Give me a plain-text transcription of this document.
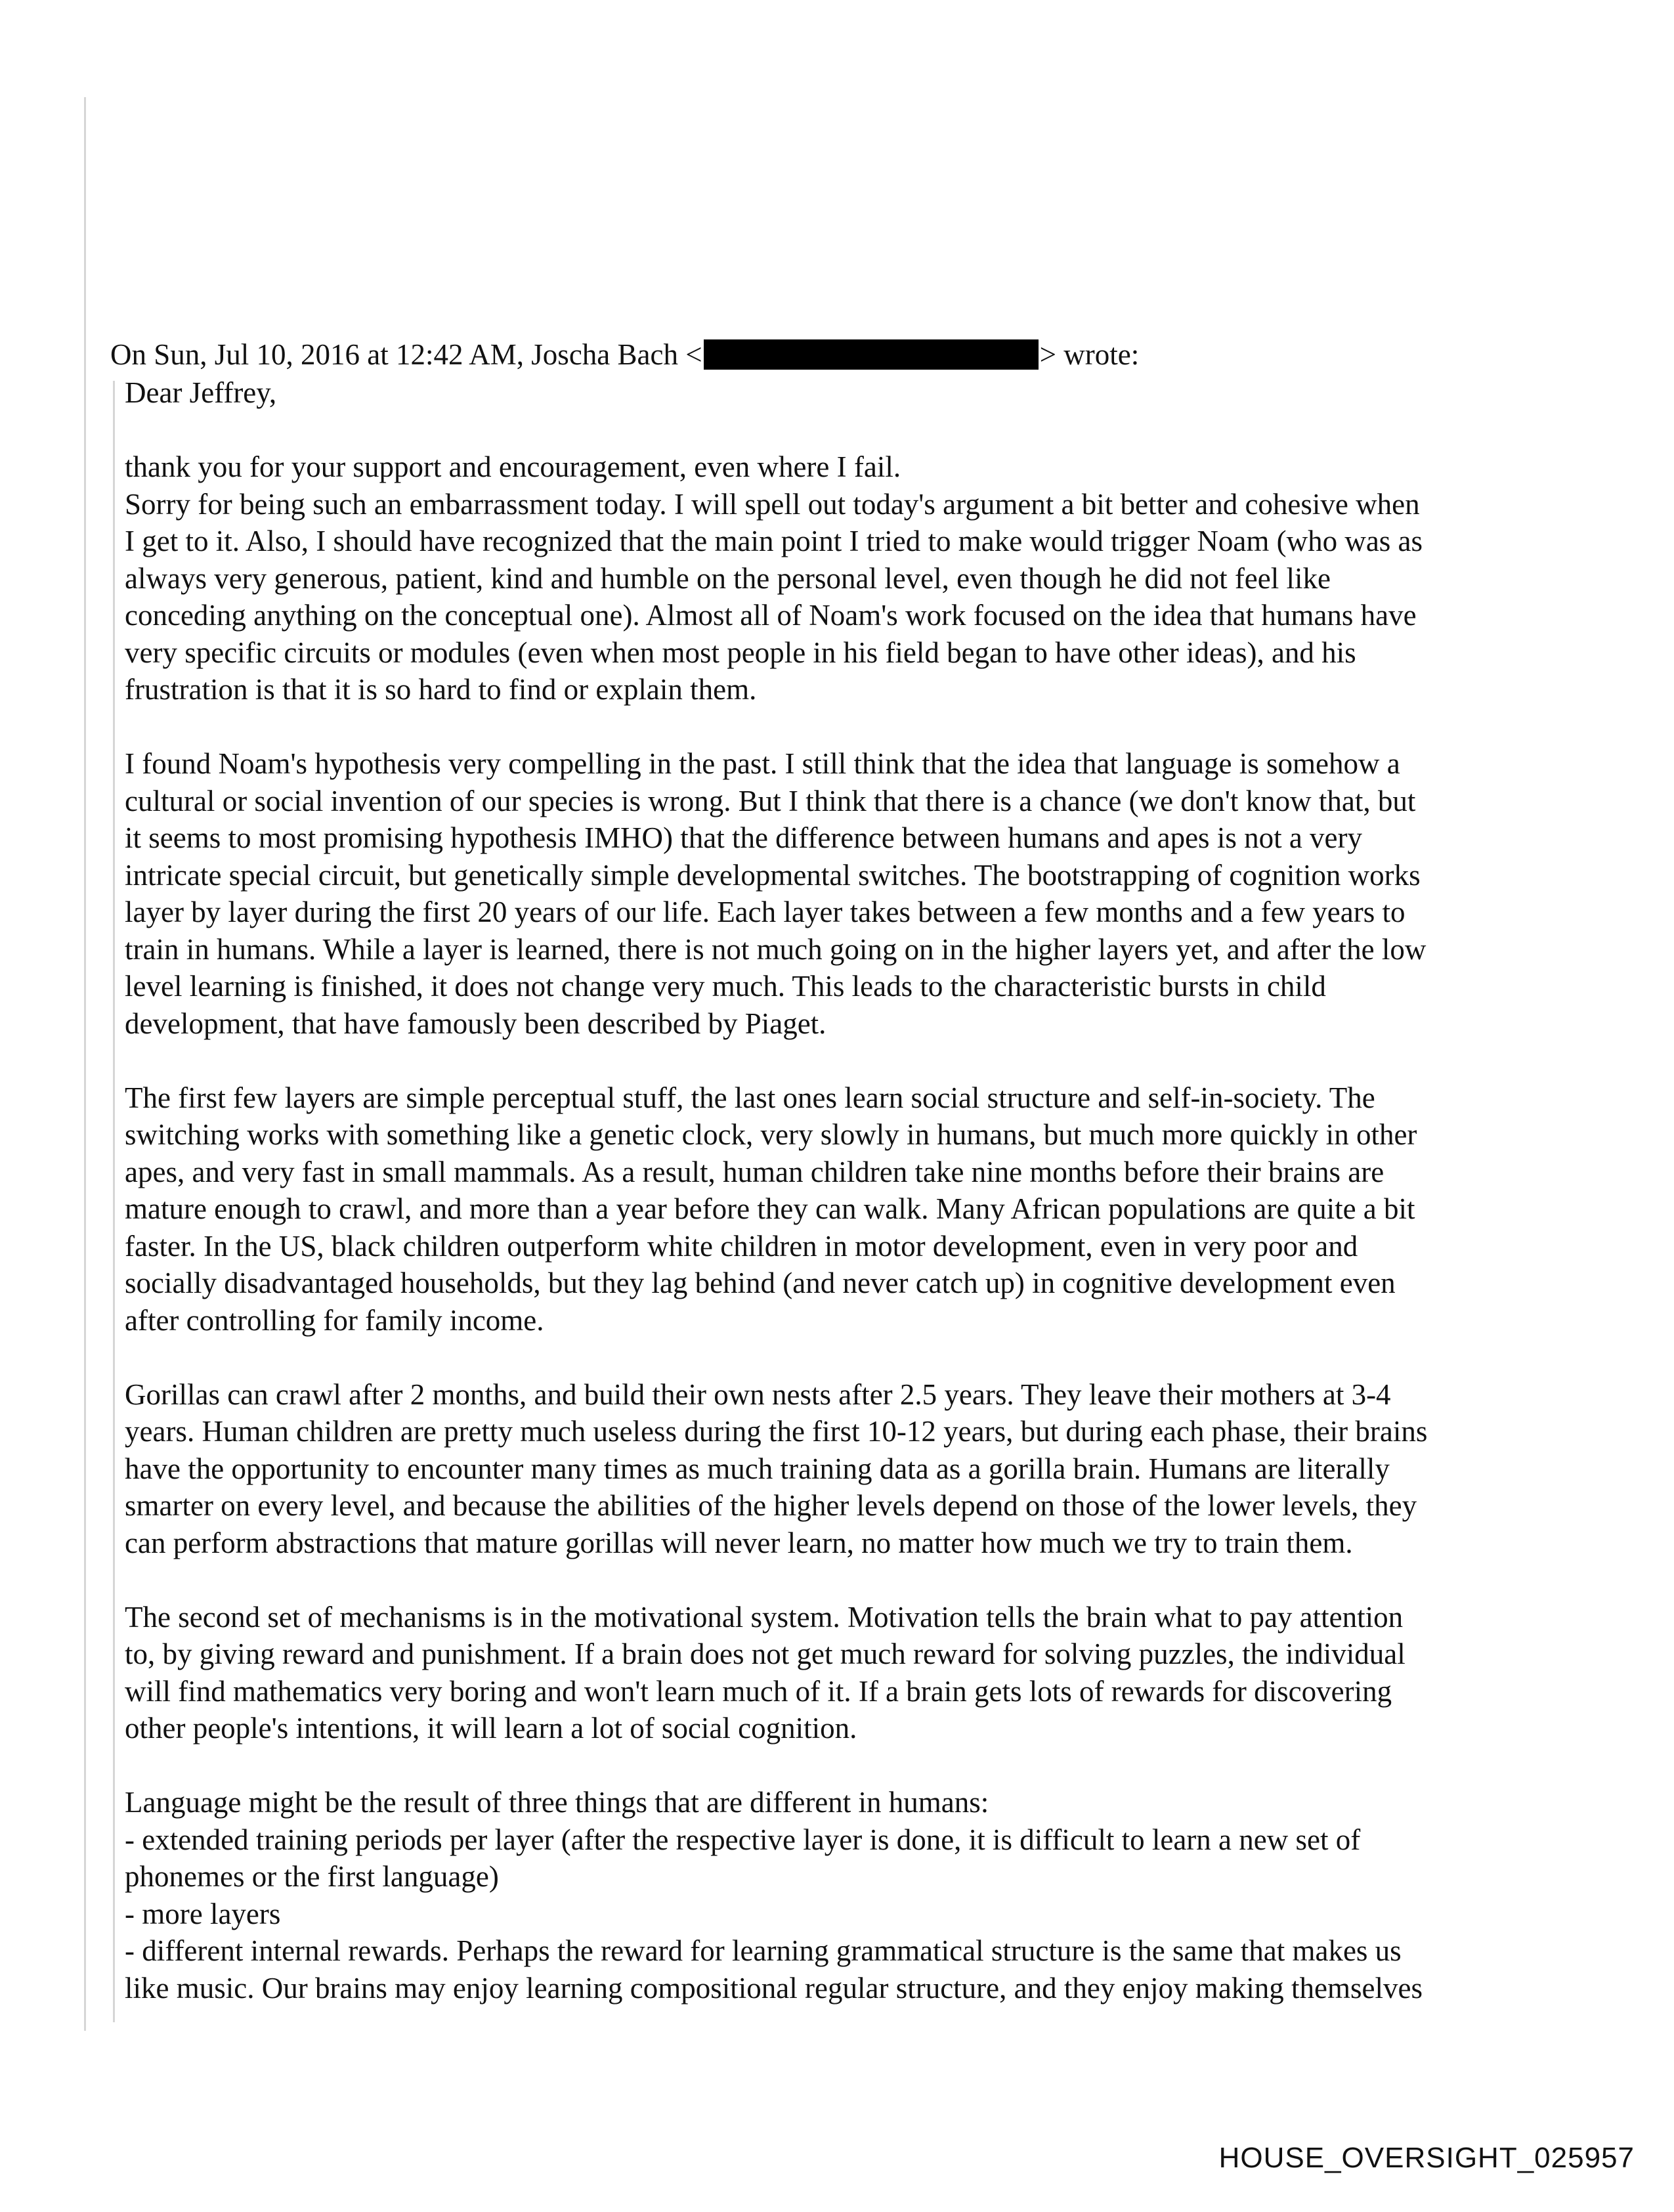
On Sun, Jul 10, 2016 at 12:42 AM, Joscha Bach <	> wrote:

Dear Jeffrey,

thank you for your support and encouragement, even where I fail.

Sorry for being such an embarrassment today. I will spell out today's argument a bit better and cohesive when

I get to it. Also, I should have recognized that the main point I tried to make would trigger Noam (who was as

always very generous, patient, kind and humble on the personal level, even though he did not feel like

conceding anything on the conceptual one). Almost all of Noam's work focused on the idea that humans have

very specific circuits or modules (even when most people in his field began to have other ideas), and his

frustration is that it is so hard to find or explain them.

I found Noam's hypothesis very compelling in the past. I still think that the idea that language is somehow a

cultural or social invention of our species is wrong. But I think that there is a chance (we don't know that, but

it seems to most promising hypothesis IMHO) that the difference between humans and apes is not a very

intricate special circuit, but genetically simple developmental switches. The bootstrapping of cognition works

layer by layer during the first 20 years of our life. Each layer takes between a few months and a few years to

train in humans. While a layer is learned, there is not much going on in the higher layers yet, and after the low

level learning is finished, it does not change very much. This leads to the characteristic bursts in child

development, that have famously been described by Piaget.

The first few layers are simple perceptual stuff, the last ones learn social structure and self-in-society. The

switching works with something like a genetic clock, very slowly in humans, but much more quickly in other

apes, and very fast in small mammals. As a result, human children take nine months before their brains are

mature enough to crawl, and more than a year before they can walk. Many African populations are quite a bit

faster. In the US, black children outperform white children in motor development, even in very poor and

socially disadvantaged households, but they lag behind (and never catch up) in cognitive development even

after controlling for family income.

Gorillas can crawl after 2 months, and build their own nests after 2.5 years. They leave their mothers at 3-4

years. Human children are pretty much useless during the first 10-12 years, but during each phase, their brains

have the opportunity to encounter many times as much training data as a gorilla brain. Humans are literally

smarter on every level, and because the abilities of the higher levels depend on those of the lower levels, they

can perform abstractions that mature gorillas will never learn, no matter how much we try to train them.

The second set of mechanisms is in the motivational system. Motivation tells the brain what to pay attention

to, by giving reward and punishment. If a brain does not get much reward for solving puzzles, the individual

will find mathematics very boring and won't learn much of it. If a brain gets lots of rewards for discovering

other people's intentions, it will learn a lot of social cognition.

Language might be the result of three things that are different in humans:

- extended training periods per layer (after the respective layer is done, it is difficult to learn a new set of

phonemes or the first language)

- more layers

- different internal rewards. Perhaps the reward for learning grammatical structure is the same that makes us

like music. Our brains may enjoy learning compositional regular structure, and they enjoy making themselves

HOUSE_OVERSIGHT_025957
